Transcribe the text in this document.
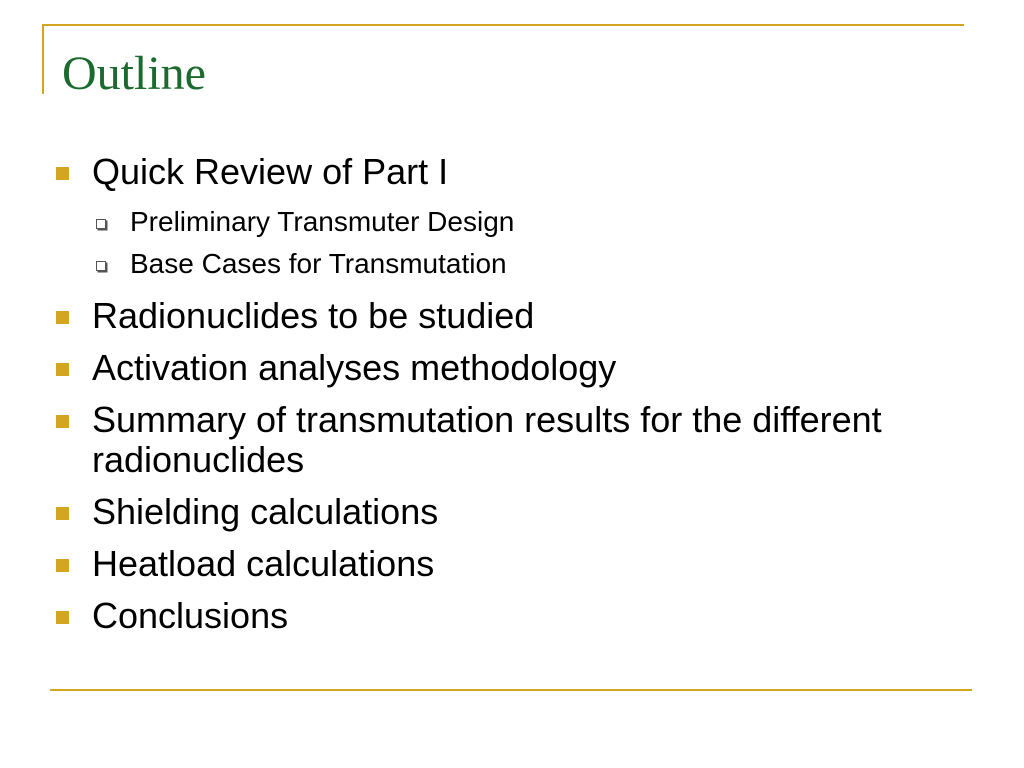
Outline
Quick Review of Part I
Preliminary Transmuter Design
Base Cases for Transmutation
Radionuclides to be studied
Activation analyses methodology
Summary of transmutation results for the different radionuclides
Shielding calculations
Heatload calculations
Conclusions
